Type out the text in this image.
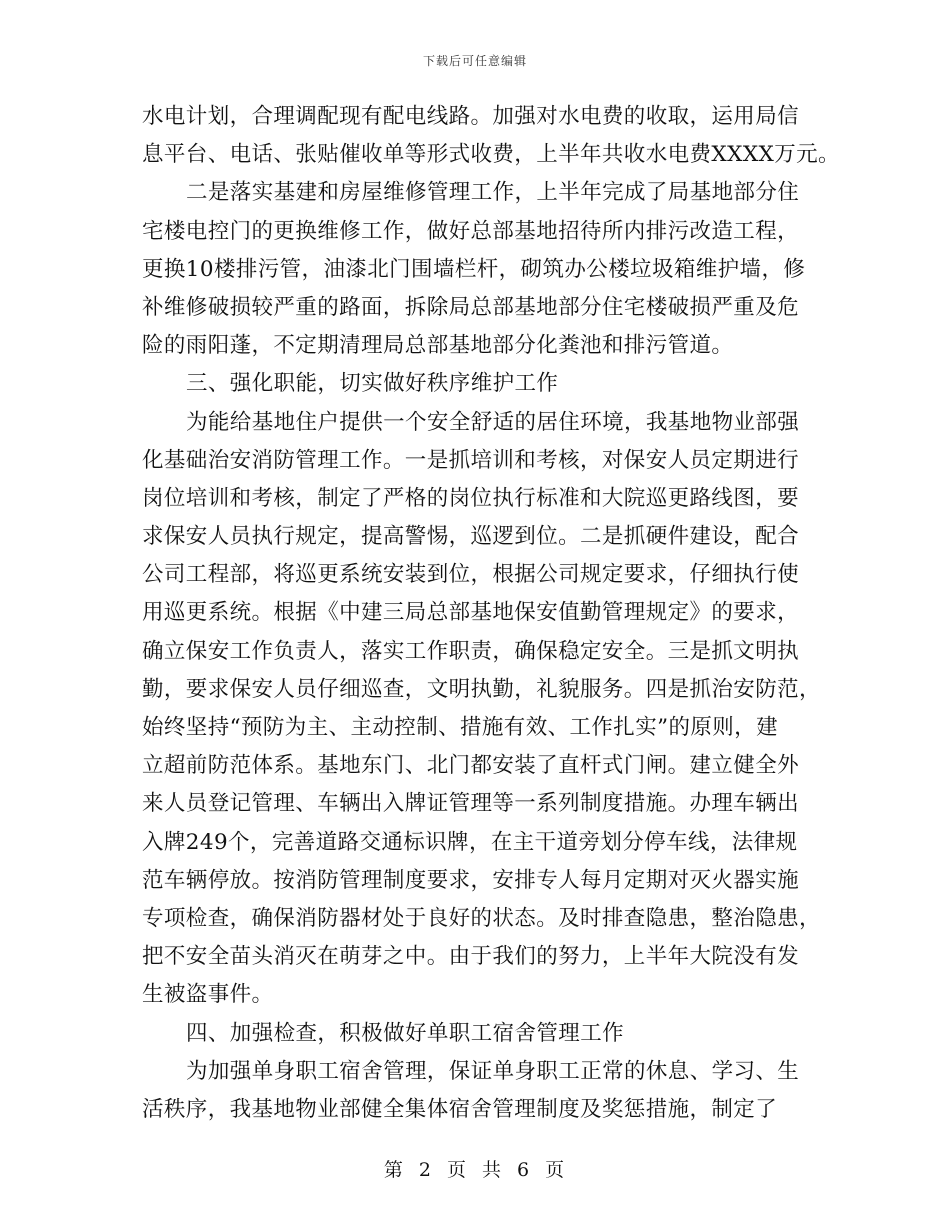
下载后可任意编辑
水电计划，合理调配现有配电线路。加强对水电费的收取，运用局信
息平台、电话、张贴催收单等形式收费，上半年共收水电费XXXX万元。
二是落实基建和房屋维修管理工作，上半年完成了局基地部分住
宅楼电控门的更换维修工作，做好总部基地招待所内排污改造工程，
更换10楼排污管，油漆北门围墙栏杆，砌筑办公楼垃圾箱维护墙，修
补维修破损较严重的路面，拆除局总部基地部分住宅楼破损严重及危
险的雨阳蓬，不定期清理局总部基地部分化粪池和排污管道。
三、强化职能，切实做好秩序维护工作
为能给基地住户提供一个安全舒适的居住环境，我基地物业部强
化基础治安消防管理工作。一是抓培训和考核，对保安人员定期进行
岗位培训和考核，制定了严格的岗位执行标准和大院巡更路线图，要
求保安人员执行规定，提高警惕，巡逻到位。二是抓硬件建设，配合
公司工程部，将巡更系统安装到位，根据公司规定要求，仔细执行使
用巡更系统。根据《中建三局总部基地保安值勤管理规定》的要求，
确立保安工作负责人，落实工作职责，确保稳定安全。三是抓文明执
勤，要求保安人员仔细巡查，文明执勤，礼貌服务。四是抓治安防范，
始终坚持“预防为主、主动控制、措施有效、工作扎实”的原则，建
立超前防范体系。基地东门、北门都安装了直杆式门闸。建立健全外
来人员登记管理、车辆出入牌证管理等一系列制度措施。办理车辆出
入牌249个，完善道路交通标识牌，在主干道旁划分停车线，法律规
范车辆停放。按消防管理制度要求，安排专人每月定期对灭火器实施
专项检查，确保消防器材处于良好的状态。及时排查隐患，整治隐患，
把不安全苗头消灭在萌芽之中。由于我们的努力，上半年大院没有发
生被盗事件。
四、加强检查，积极做好单职工宿舍管理工作
为加强单身职工宿舍管理，保证单身职工正常的休息、学习、生
活秩序，我基地物业部健全集体宿舍管理制度及奖惩措施，制定了
第 2 页 共 6 页
